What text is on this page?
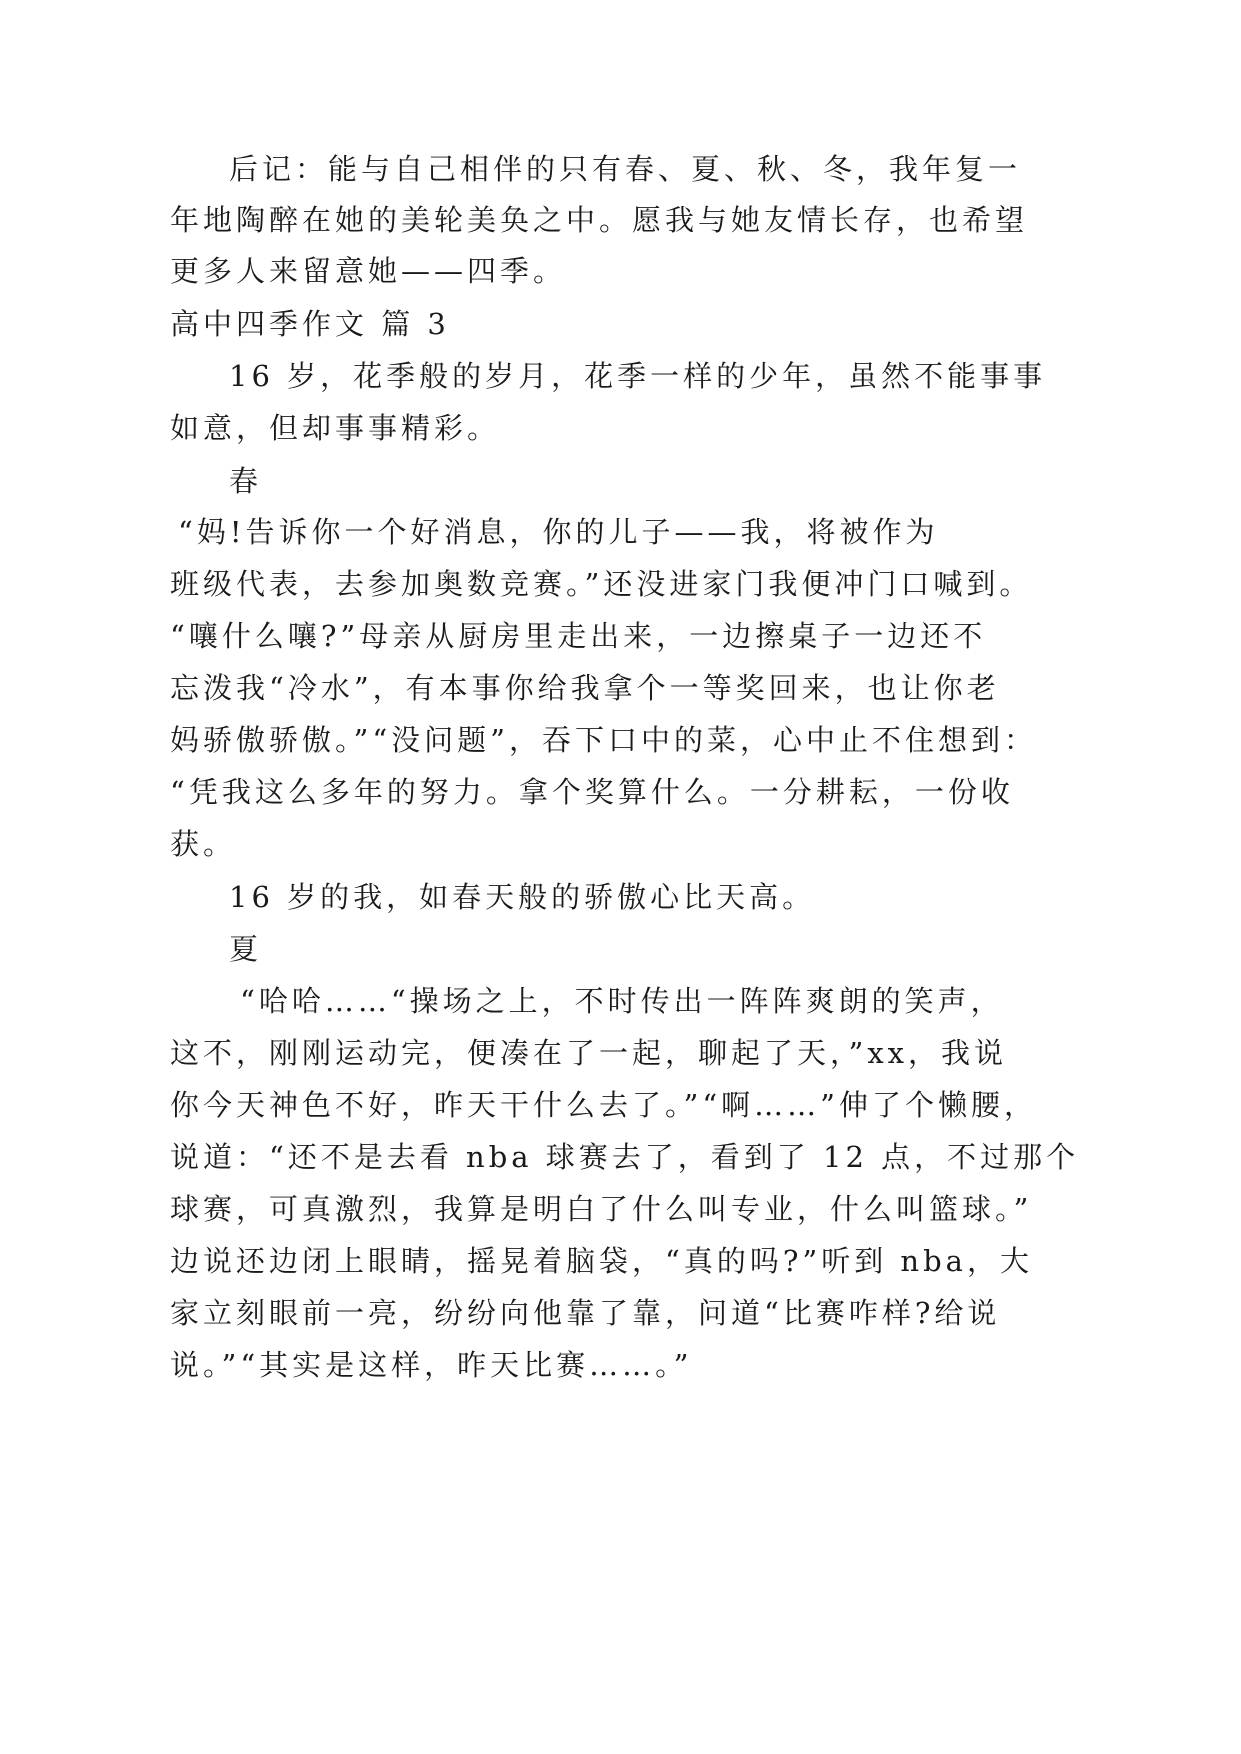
后记：能与自己相伴的只有春、夏、秋、冬，我年复一
年地陶醉在她的美轮美奂之中。愿我与她友情长存，也希望
更多人来留意她——四季。
高中四季作文 篇 3
16 岁，花季般的岁月，花季一样的少年，虽然不能事事
如意，但却事事精彩。
春
“妈!告诉你一个好消息，你的儿子——我，将被作为
班级代表，去参加奥数竞赛。”还没进家门我便冲门口喊到。
“嚷什么嚷?”母亲从厨房里走出来，一边擦桌子一边还不
忘泼我“冷水”，有本事你给我拿个一等奖回来，也让你老
妈骄傲骄傲。”“没问题”，吞下口中的菜，心中止不住想到：
“凭我这么多年的努力。拿个奖算什么。一分耕耘，一份收
获。
16 岁的我，如春天般的骄傲心比天高。
夏
“哈哈……“操场之上，不时传出一阵阵爽朗的笑声，
这不，刚刚运动完，便凑在了一起，聊起了天，”xx，我说
你今天神色不好，昨天干什么去了。”“啊……”伸了个懒腰，
说道：“还不是去看 nba 球赛去了，看到了 12 点，不过那个
球赛，可真激烈，我算是明白了什么叫专业，什么叫篮球。”
边说还边闭上眼睛，摇晃着脑袋，“真的吗?”听到 nba，大
家立刻眼前一亮，纷纷向他靠了靠，问道“比赛咋样?给说
说。”“其实是这样，昨天比赛……。”
